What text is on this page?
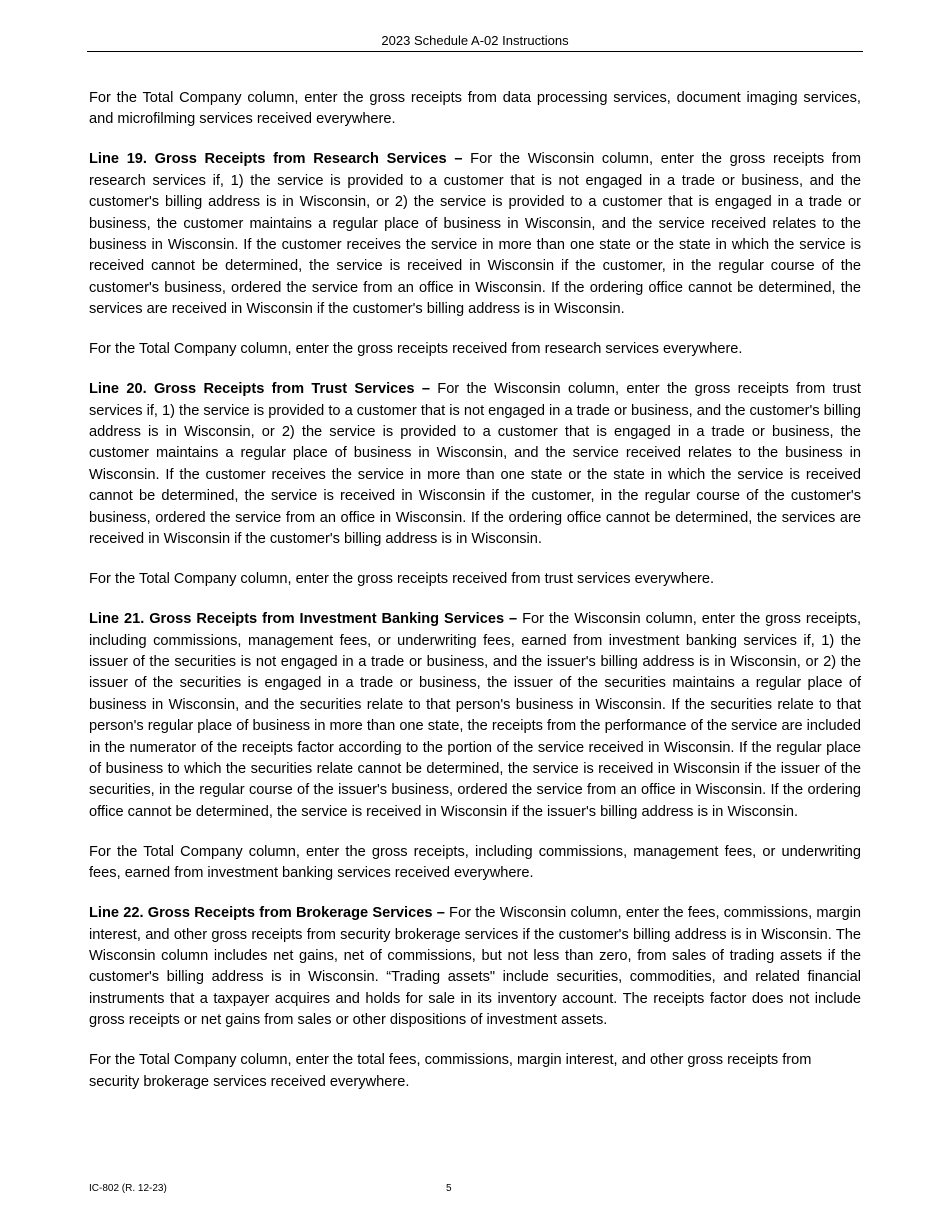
2023 Schedule A-02 Instructions

For the Total Company column, enter the gross receipts from data processing services, document imaging services, and microfilming services received everywhere.

Line 19. Gross Receipts from Research Services – For the Wisconsin column, enter the gross receipts from research services if, 1) the service is provided to a customer that is not engaged in a trade or business, and the customer's billing address is in Wisconsin, or 2) the service is provided to a customer that is engaged in a trade or business, the customer maintains a regular place of business in Wisconsin, and the service received relates to the business in Wisconsin. If the customer receives the service in more than one state or the state in which the service is received cannot be determined, the service is received in Wisconsin if the customer, in the regular course of the customer's business, ordered the service from an office in Wisconsin. If the ordering office cannot be determined, the services are received in Wisconsin if the customer's billing address is in Wisconsin.

For the Total Company column, enter the gross receipts received from research services everywhere.

Line 20. Gross Receipts from Trust Services – For the Wisconsin column, enter the gross receipts from trust services if, 1) the service is provided to a customer that is not engaged in a trade or business, and the customer's billing address is in Wisconsin, or 2) the service is provided to a customer that is engaged in a trade or business, the customer maintains a regular place of business in Wisconsin, and the service received relates to the business in Wisconsin. If the customer receives the service in more than one state or the state in which the service is received cannot be determined, the service is received in Wisconsin if the customer, in the regular course of the customer's business, ordered the service from an office in Wisconsin. If the ordering office cannot be determined, the services are received in Wisconsin if the customer's billing address is in Wisconsin.

For the Total Company column, enter the gross receipts received from trust services everywhere.

Line 21. Gross Receipts from Investment Banking Services – For the Wisconsin column, enter the gross receipts, including commissions, management fees, or underwriting fees, earned from investment banking services if, 1) the issuer of the securities is not engaged in a trade or business, and the issuer's billing address is in Wisconsin, or 2) the issuer of the securities is engaged in a trade or business, the issuer of the securities maintains a regular place of business in Wisconsin, and the securities relate to that person's business in Wisconsin. If the securities relate to that person's regular place of business in more than one state, the receipts from the performance of the service are included in the numerator of the receipts factor according to the portion of the service received in Wisconsin. If the regular place of business to which the securities relate cannot be determined, the service is received in Wisconsin if the issuer of the securities, in the regular course of the issuer's business, ordered the service from an office in Wisconsin. If the ordering office cannot be determined, the service is received in Wisconsin if the issuer's billing address is in Wisconsin.

For the Total Company column, enter the gross receipts, including commissions, management fees, or underwriting fees, earned from investment banking services received everywhere.

Line 22. Gross Receipts from Brokerage Services – For the Wisconsin column, enter the fees, commissions, margin interest, and other gross receipts from security brokerage services if the customer's billing address is in Wisconsin. The Wisconsin column includes net gains, net of commissions, but not less than zero, from sales of trading assets if the customer's billing address is in Wisconsin. “Trading assets" include securities, commodities, and related financial instruments that a taxpayer acquires and holds for sale in its inventory account. The receipts factor does not include gross receipts or net gains from sales or other dispositions of investment assets.

For the Total Company column, enter the total fees, commissions, margin interest, and other gross receipts from security brokerage services received everywhere.

IC-802 (R. 12-23)	5
